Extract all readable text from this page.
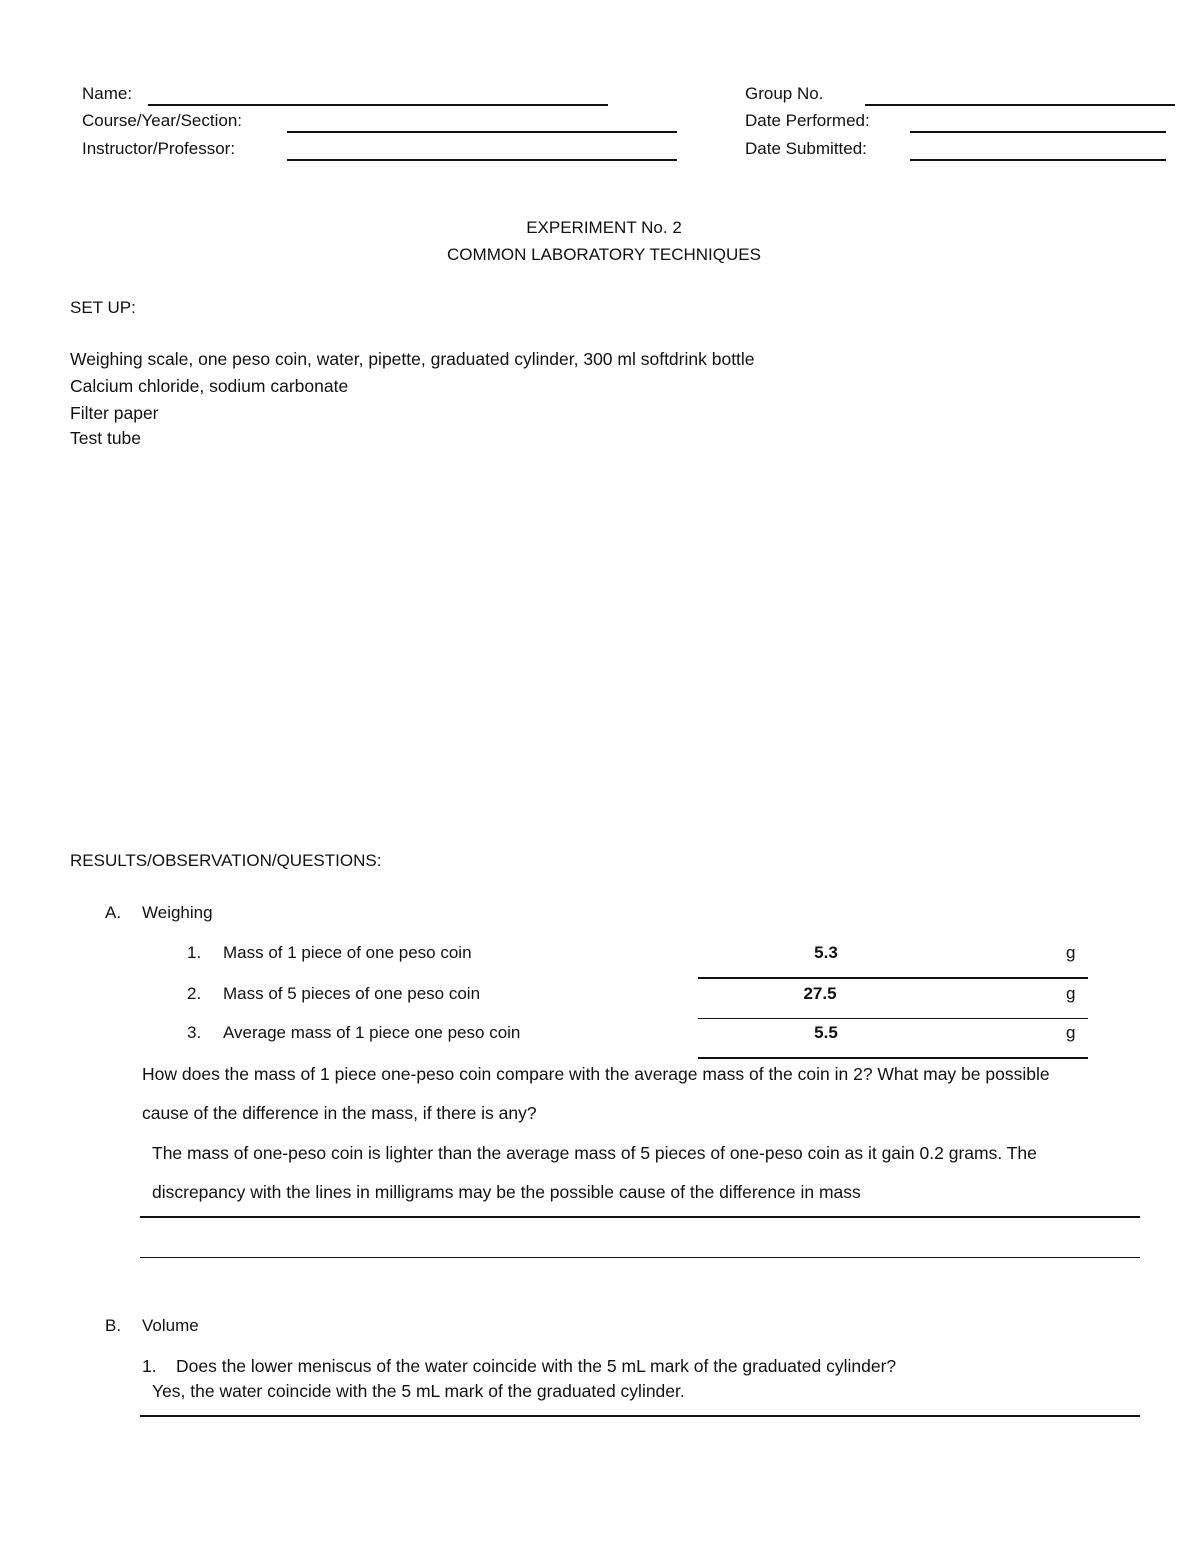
Name:
Course/Year/Section:
Instructor/Professor:
Group No.
Date Performed:
Date Submitted:
EXPERIMENT No. 2
COMMON LABORATORY TECHNIQUES
SET UP:
Weighing scale, one peso coin, water, pipette, graduated cylinder, 300 ml softdrink bottle
Calcium chloride, sodium carbonate
Filter paper
Test tube
RESULTS/OBSERVATION/QUESTIONS:
A. Weighing
1. Mass of 1 piece of one peso coin	5.3	g
2. Mass of 5 pieces of one peso coin	27.5	g
3. Average mass of 1 piece one peso coin	5.5	g
How does the mass of 1 piece one-peso coin compare with the average mass of the coin in 2? What may be possible
cause of the difference in the mass, if there is any?
The mass of one-peso coin is lighter than the average mass of 5 pieces of one-peso coin as it gain 0.2 grams. The
discrepancy with the lines in milligrams may be the possible cause of the difference in mass
B. Volume
1. Does the lower meniscus of the water coincide with the 5 mL mark of the graduated cylinder?
Yes, the water coincide with the 5 mL mark of the graduated cylinder.
